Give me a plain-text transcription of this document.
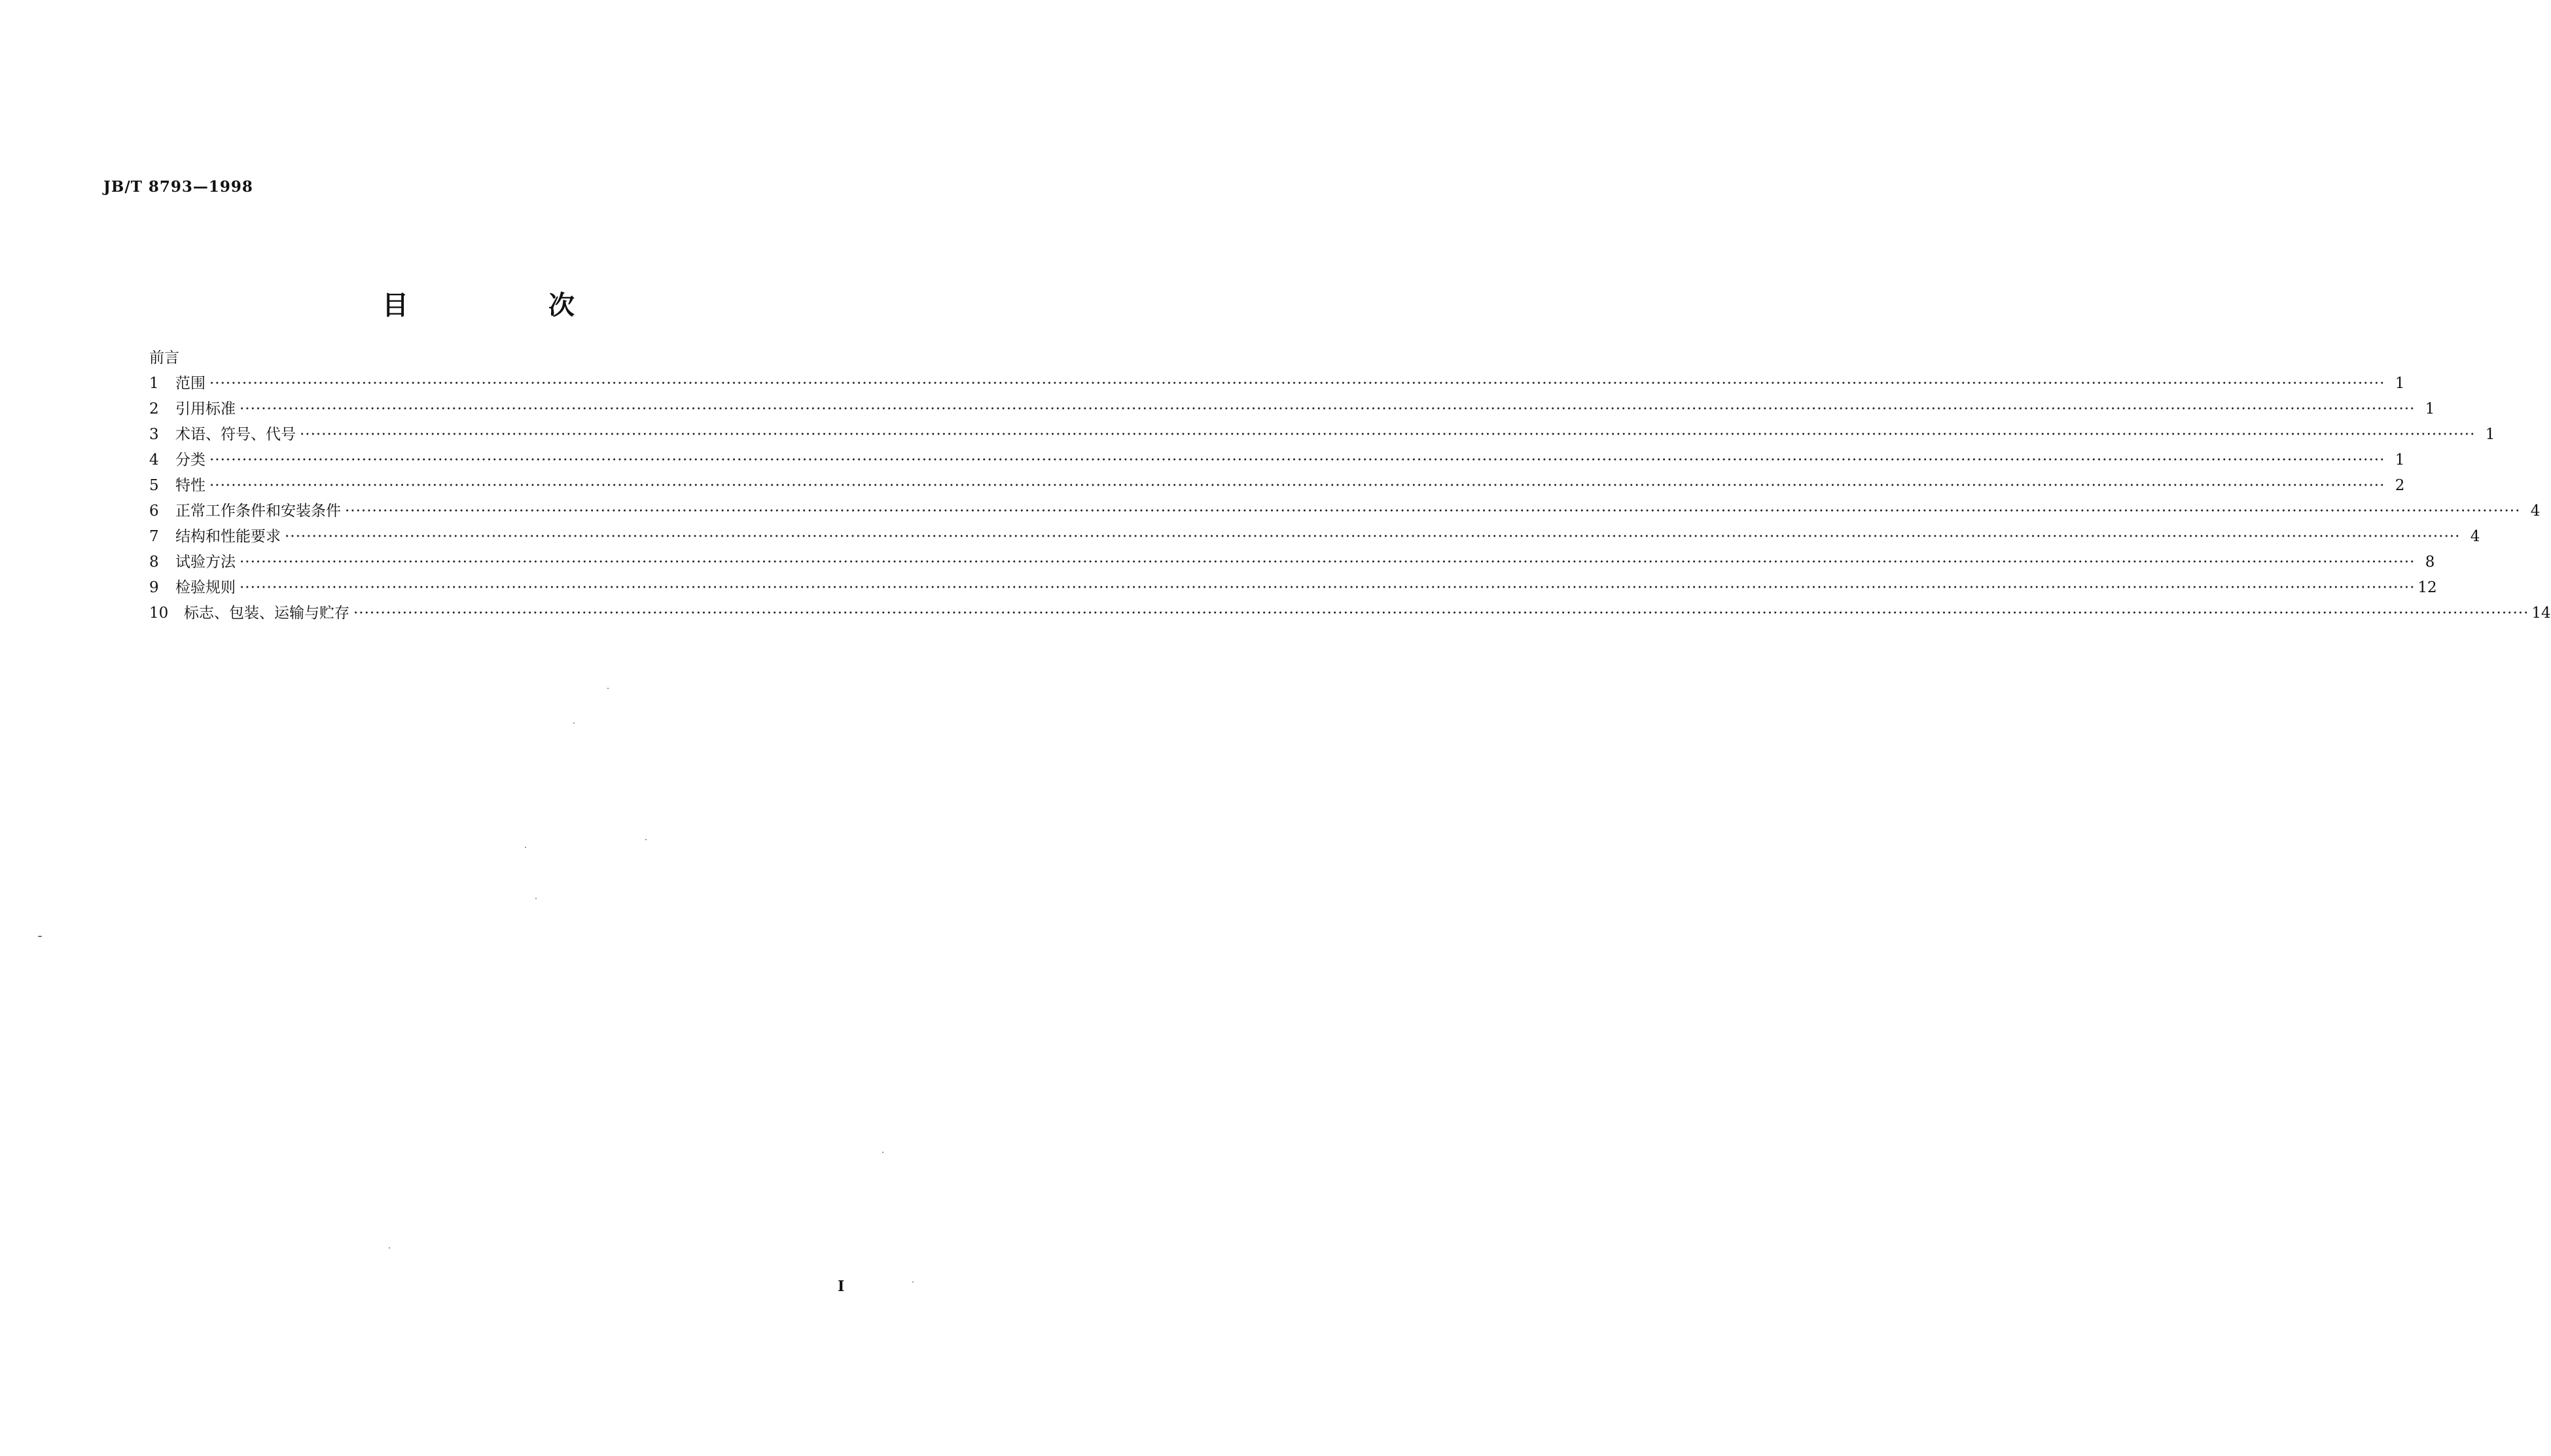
JB/T 8793—1998
目 次
前言
1	范围 ················································································································································································································································································································································································································ 1
2	引用标准 ················································································································································································································································································································································································································ 1
3	术语、符号、代号 ················································································································································································································································································································································································································ 1
4	分类 ················································································································································································································································································································································································································ 1
5	特性 ················································································································································································································································································································································································································ 2
6	正常工作条件和安装条件 ················································································································································································································································································································································································································ 4
7	结构和性能要求 ················································································································································································································································································································································································································ 4
8	试验方法 ················································································································································································································································································································································································································ 8
9	检验规则 ················································································································································································································································································································································································································ 12
10	标志、包装、运输与贮存 ················································································································································································································································································································································································································ 14
I
